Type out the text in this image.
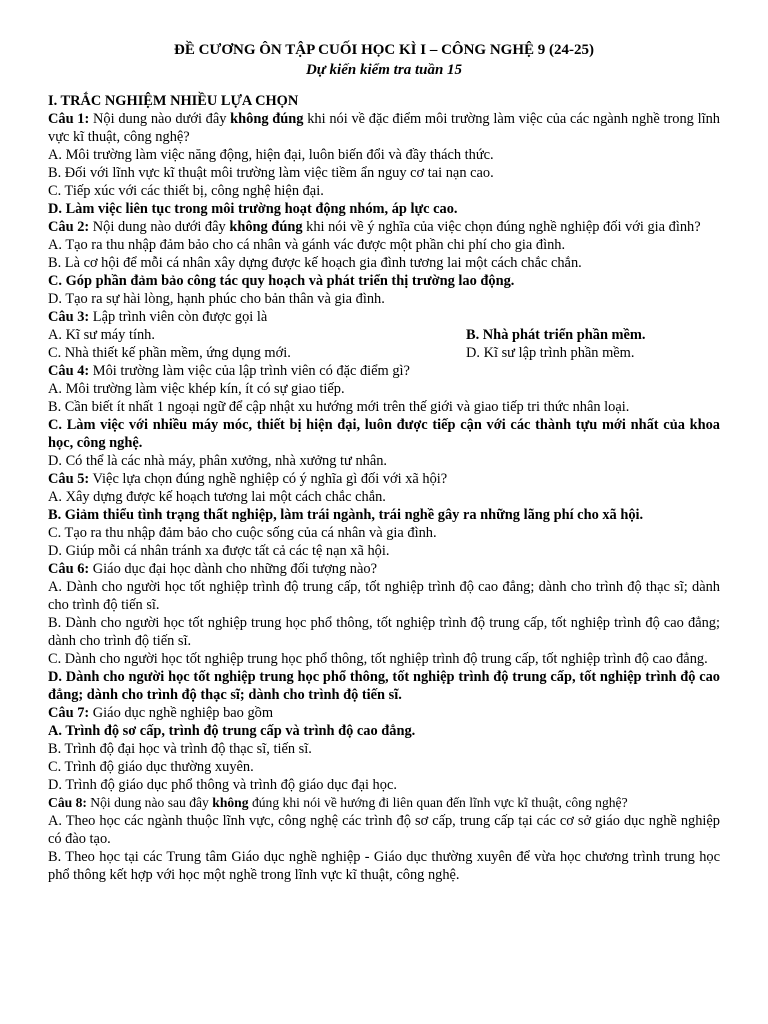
ĐỀ CƯƠNG ÔN TẬP CUỐI HỌC KÌ I – CÔNG NGHỆ 9 (24-25)
Dự kiến kiểm tra tuần 15
I. TRẮC NGHIỆM NHIỀU LỰA CHỌN
Câu 1: Nội dung nào dưới đây không đúng khi nói về đặc điểm môi trường làm việc của các ngành nghề trong lĩnh vực kĩ thuật, công nghệ?
A. Môi trường làm việc năng động, hiện đại, luôn biến đổi và đầy thách thức.
B. Đối với lĩnh vực kĩ thuật môi trường làm việc tiềm ẩn nguy cơ tai nạn cao.
C. Tiếp xúc với các thiết bị, công nghệ hiện đại.
D. Làm việc liên tục trong môi trường hoạt động nhóm, áp lực cao.
Câu 2: Nội dung nào dưới đây không đúng khi nói về ý nghĩa của việc chọn đúng nghề nghiệp đối với gia đình?
A. Tạo ra thu nhập đảm bảo cho cá nhân và gánh vác được một phần chi phí cho gia đình.
B. Là cơ hội để mỗi cá nhân xây dựng được kế hoạch gia đình tương lai một cách chắc chắn.
C. Góp phần đảm bảo công tác quy hoạch và phát triển thị trường lao động.
D. Tạo ra sự hài lòng, hạnh phúc cho bản thân và gia đình.
Câu 3: Lập trình viên còn được gọi là
A. Kĩ sư máy tính.	B. Nhà phát triển phần mềm.
C. Nhà thiết kế phần mềm, ứng dụng mới.	D. Kĩ sư lập trình phần mềm.
Câu 4: Môi trường làm việc của lập trình viên có đặc điểm gì?
A. Môi trường làm việc khép kín, ít có sự giao tiếp.
B. Cần biết ít nhất 1 ngoại ngữ để cập nhật xu hướng mới trên thế giới và giao tiếp tri thức nhân loại.
C. Làm việc với nhiều máy móc, thiết bị hiện đại, luôn được tiếp cận với các thành tựu mới nhất của khoa học, công nghệ.
D. Có thể là các nhà máy, phân xưởng, nhà xưởng tư nhân.
Câu 5: Việc lựa chọn đúng nghề nghiệp có ý nghĩa gì đối với xã hội?
A. Xây dựng được kế hoạch tương lai một cách chắc chắn.
B. Giảm thiểu tình trạng thất nghiệp, làm trái ngành, trái nghề gây ra những lãng phí cho xã hội.
C. Tạo ra thu nhập đảm bảo cho cuộc sống của cá nhân và gia đình.
D. Giúp mỗi cá nhân tránh xa được tất cả các tệ nạn xã hội.
Câu 6: Giáo dục đại học dành cho những đối tượng nào?
A. Dành cho người học tốt nghiệp trình độ trung cấp, tốt nghiệp trình độ cao đẳng; dành cho trình độ thạc sĩ; dành cho trình độ tiến sĩ.
B. Dành cho người học tốt nghiệp trung học phổ thông, tốt nghiệp trình độ trung cấp, tốt nghiệp trình độ cao đẳng; dành cho trình độ tiến sĩ.
C. Dành cho người học tốt nghiệp trung học phổ thông, tốt nghiệp trình độ trung cấp, tốt nghiệp trình độ cao đẳng.
D. Dành cho người học tốt nghiệp trung học phổ thông, tốt nghiệp trình độ trung cấp, tốt nghiệp trình độ cao đẳng; dành cho trình độ thạc sĩ; dành cho trình độ tiến sĩ.
Câu 7: Giáo dục nghề nghiệp bao gồm
A. Trình độ sơ cấp, trình độ trung cấp và trình độ cao đẳng.
B. Trình độ đại học và trình độ thạc sĩ, tiến sĩ.
C. Trình độ giáo dục thường xuyên.
D. Trình độ giáo dục phổ thông và trình độ giáo dục đại học.
Câu 8: Nội dung nào sau đây không đúng khi nói về hướng đi liên quan đến lĩnh vực kĩ thuật, công nghệ?
A. Theo học các ngành thuộc lĩnh vực, công nghệ các trình độ sơ cấp, trung cấp tại các cơ sở giáo dục nghề nghiệp có đào tạo.
B. Theo học tại các Trung tâm Giáo dục nghề nghiệp - Giáo dục thường xuyên để vừa học chương trình trung học phổ thông kết hợp với học một nghề trong lĩnh vực kĩ thuật, công nghệ.
